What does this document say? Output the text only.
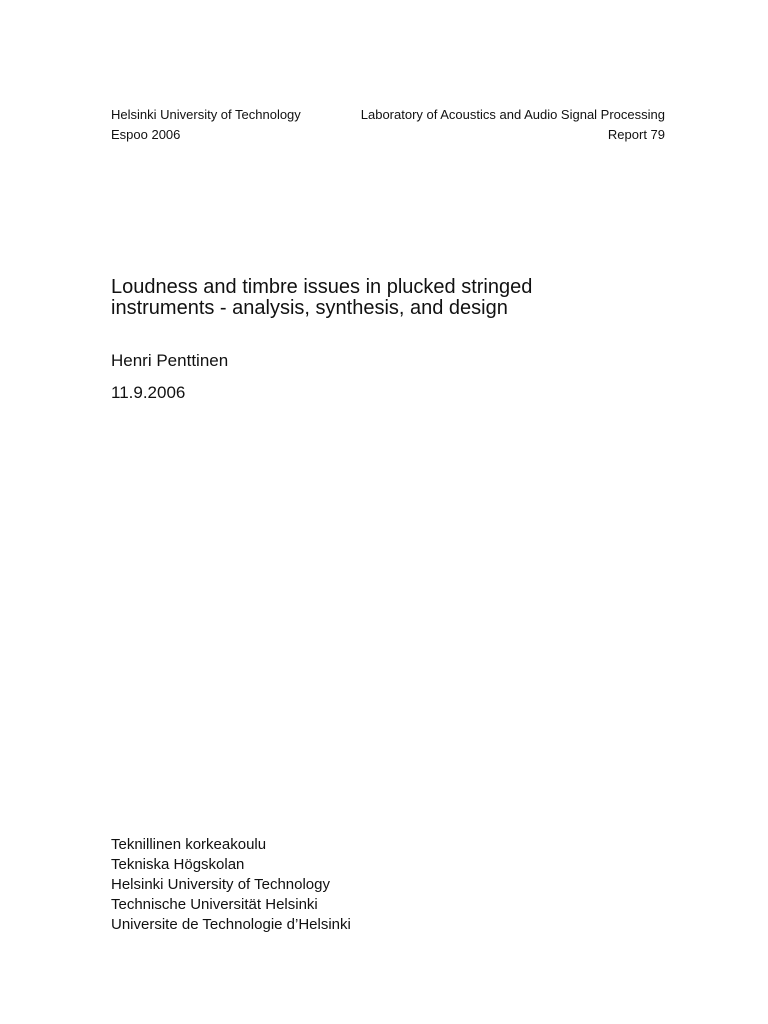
Helsinki University of Technology
Espoo 2006
Laboratory of Acoustics and Audio Signal Processing
Report 79
Loudness and timbre issues in plucked stringed
instruments - analysis, synthesis, and design
Henri Penttinen
11.9.2006
Teknillinen korkeakoulu
Tekniska Högskolan
Helsinki University of Technology
Technische Universität Helsinki
Universite de Technologie d’Helsinki
